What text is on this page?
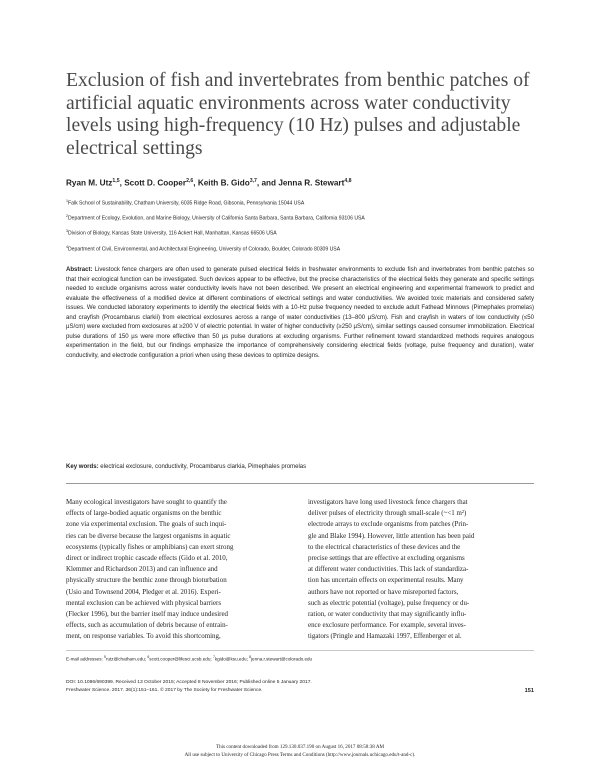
Exclusion of fish and invertebrates from benthic patches of artificial aquatic environments across water conductivity levels using high-frequency (10 Hz) pulses and adjustable electrical settings
Ryan M. Utz$^{1,5}$, Scott D. Cooper$^{2,6}$, Keith B. Gido$^{3,7}$, and Jenna R. Stewart$^{4,8}$
$^1$Falk School of Sustainability, Chatham University, 6035 Ridge Road, Gibsonia, Pennsylvania 15044 USA
$^2$Department of Ecology, Evolution, and Marine Biology, University of California Santa Barbara, Santa Barbara, California 93106 USA
$^3$Division of Biology, Kansas State University, 116 Ackert Hall, Manhattan, Kansas 66506 USA
$^4$Department of Civil, Environmental, and Architectural Engineering, University of Colorado, Boulder, Colorado 80309 USA
Abstract: Livestock fence chargers are often used to generate pulsed electrical fields in freshwater environments to exclude fish and invertebrates from benthic patches so that their ecological function can be investigated. Such devices appear to be effective, but the precise characteristics of the electrical fields they generate and specific settings needed to exclude organisms across water conductivity levels have not been described. We present an electrical engineering and experimental framework to predict and evaluate the effectiveness of a modified device at different combinations of electrical settings and water conductivities. We avoided toxic materials and considered safety issues. We conducted laboratory experiments to identify the electrical fields with a 10-Hz pulse frequency needed to exclude adult Fathead Minnows (Pimephales promelas) and crayfish (Procambarus clarkii) from electrical exclosures across a range of water conductivities (13–800 µS/cm). Fish and crayfish in waters of low conductivity (≤50 µS/cm) were excluded from exclosures at ≥200 V of electric potential. In water of higher conductivity (≥250 µS/cm), similar settings caused consumer immobilization. Electrical pulse durations of 150 µs were more effective than 50 µs pulse durations at excluding organisms. Further refinement toward standardized methods requires analogous experimentation in the field, but our findings emphasize the importance of comprehensively considering electrical fields (voltage, pulse frequency and duration), water conductivity, and electrode configuration a priori when using these devices to optimize designs.
Key words: electrical exclosure, conductivity, Procambarus clarkia, Pimephales promelas
Many ecological investigators have sought to quantify the
effects of large-bodied aquatic organisms on the benthic
zone via experimental exclusion. The goals of such inqui-
ries can be diverse because the largest organisms in aquatic
ecosystems (typically fishes or amphibians) can exert strong
direct or indirect trophic cascade effects (Gido et al. 2010,
Klemmer and Richardson 2013) and can influence and
physically structure the benthic zone through bioturbation
(Usio and Townsend 2004, Pledger et al. 2016). Experi-
mental exclusion can be achieved with physical barriers
(Flecker 1996), but the barrier itself may induce undesired
effects, such as accumulation of debris because of entrain-
ment, on response variables. To avoid this shortcoming,
investigators have long used livestock fence chargers that
deliver pulses of electricity through small-scale (~<1 m²)
electrode arrays to exclude organisms from patches (Prin-
gle and Blake 1994). However, little attention has been paid
to the electrical characteristics of these devices and the
precise settings that are effective at excluding organisms
at different water conductivities. This lack of standardiza-
tion has uncertain effects on experimental results. Many
authors have not reported or have misreported factors,
such as electric potential (voltage), pulse frequency or du-
ration, or water conductivity that may significantly influ-
ence exclosure performance. For example, several inves-
tigators (Pringle and Hamazaki 1997, Effenberger et al.
E-mail addresses: $^5$rutz@chatham.edu; $^6$scott.cooper@lifesci.ucsb.edu; $^7$kgido@ksu.edu; $^8$jenna.r.stewart@colorado.edu
DOI: 10.1086/690399. Received 13 October 2015; Accepted 8 November 2016; Published online 5 January 2017.
Freshwater Science. 2017. 36(1):151–161. © 2017 by The Society for Freshwater Science.	151
This content downloaded from 129.130.037.190 on August 16, 2017 08:58:38 AM
All use subject to University of Chicago Press Terms and Conditions (http://www.journals.uchicago.edu/t-and-c).
